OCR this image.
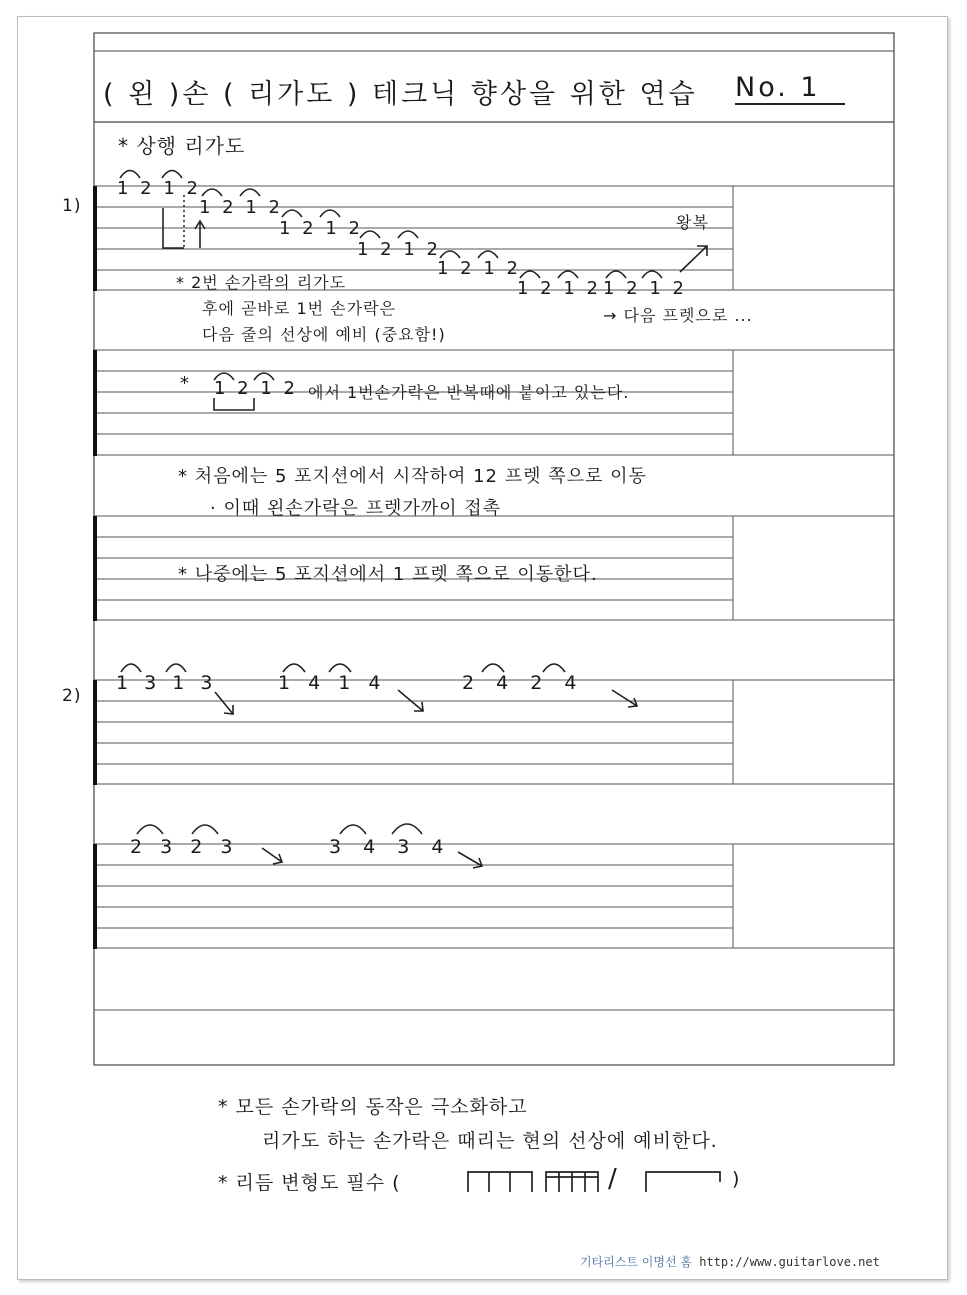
( 왼 )손 ( 리가도 ) 테크닉 향상을 위한 연습 No. 1
* 상행 리가도
1)
1 2 1 2
1 2 1 2
1 2 1 2
1 2 1 2
1 2 1 2
1 2 1 2 1 2 1 2
왕복
* 2번 손가락의 리가도
후에 곧바로 1번 손가락은
다음 줄의 선상에 예비 (중요함!)
→ 다음 프렛으로 ...
* 1 2 1 2 에서 1번손가락은 반복때에 붙이고 있는다.
* 처음에는 5 포지션에서 시작하여 12 프렛 쪽으로 이동
· 이때 왼손가락은 프렛가까이 접촉
* 나중에는 5 포지션에서 1 프렛 쪽으로 이동한다.
2)
1 3 1 3	1 4 1 4	2 4 2 4
2 3 2 3	3 4 3 4
* 모든 손가락의 동작은 극소화하고
리가도 하는 손가락은 때리는 현의 선상에 예비한다.
* 리듬 변형도 필수 (	/	)
기타리스트 이명선 홈 http://www.guitarlove.net
